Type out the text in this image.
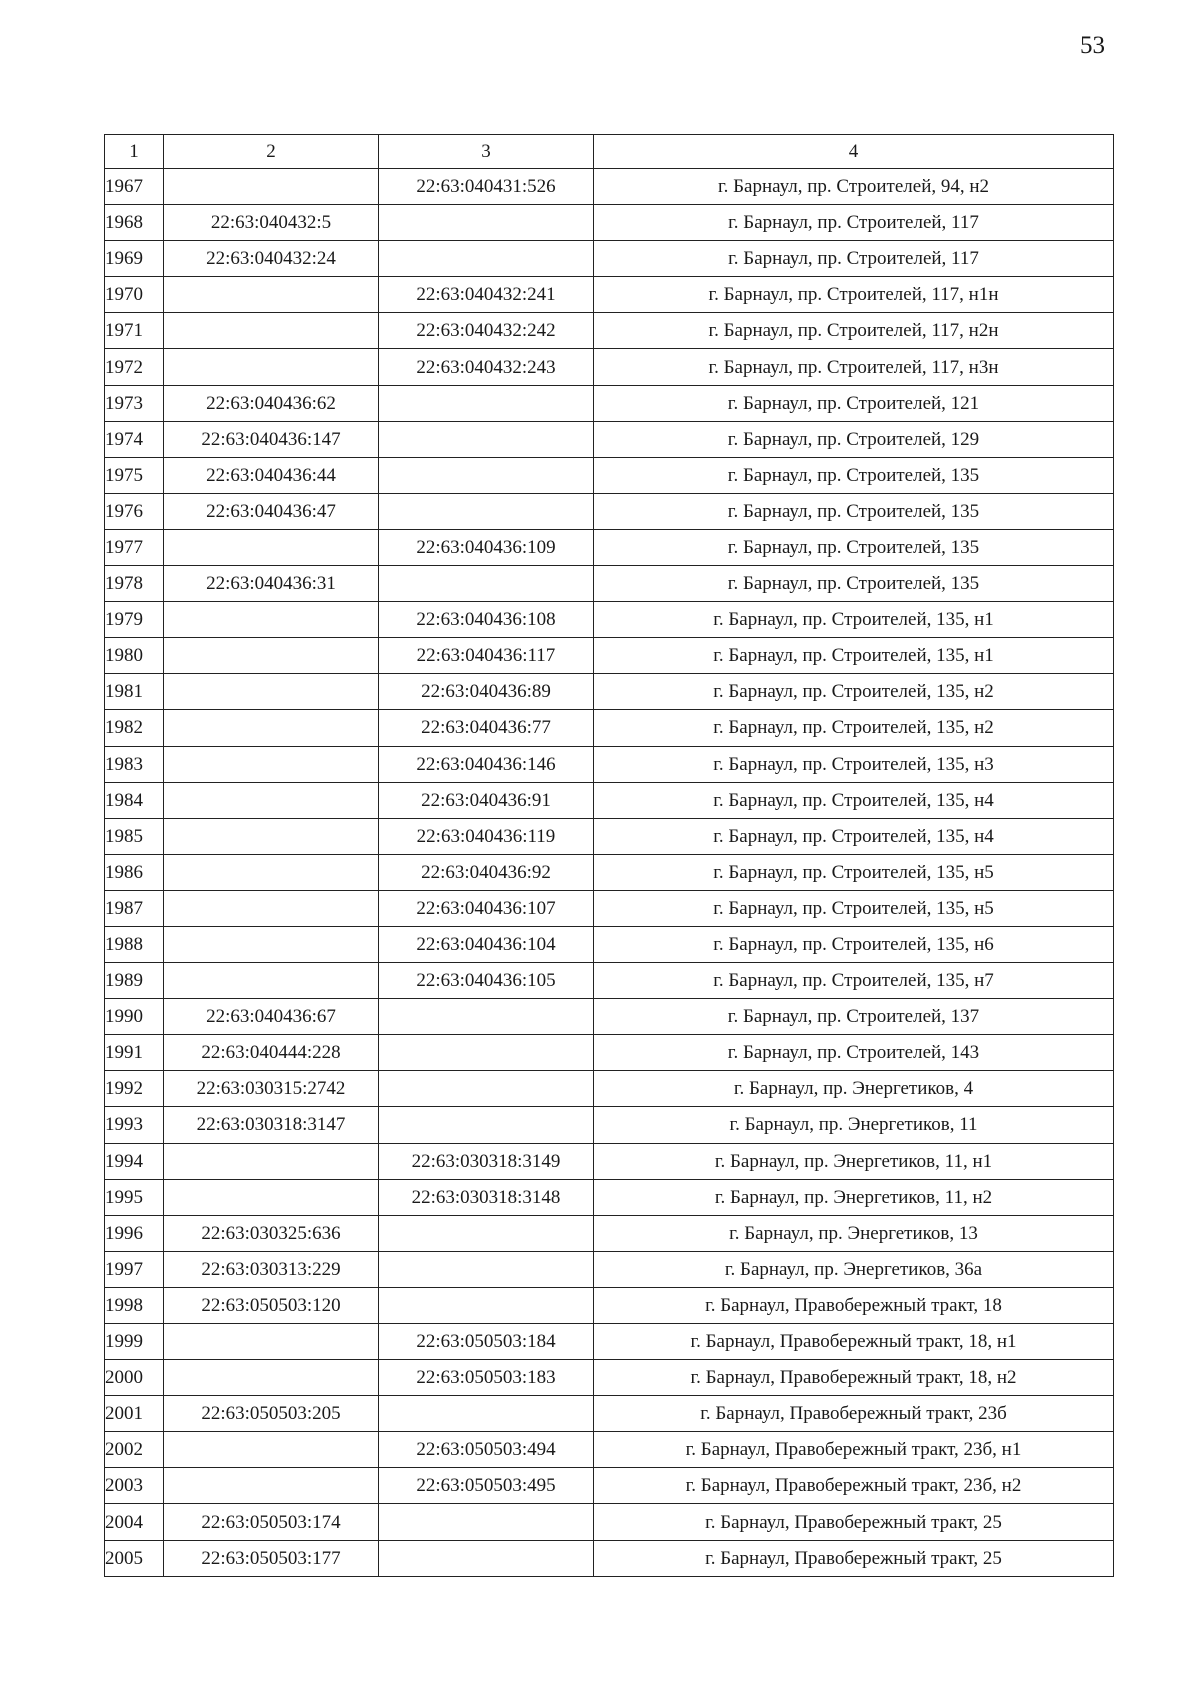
53
1	2	3	4
1967		22:63:040431:526	г. Барнаул, пр. Строителей, 94, н2
1968	22:63:040432:5		г. Барнаул, пр. Строителей, 117
1969	22:63:040432:24		г. Барнаул, пр. Строителей, 117
1970		22:63:040432:241	г. Барнаул, пр. Строителей, 117, н1н
1971		22:63:040432:242	г. Барнаул, пр. Строителей, 117, н2н
1972		22:63:040432:243	г. Барнаул, пр. Строителей, 117, н3н
1973	22:63:040436:62		г. Барнаул, пр. Строителей, 121
1974	22:63:040436:147		г. Барнаул, пр. Строителей, 129
1975	22:63:040436:44		г. Барнаул, пр. Строителей, 135
1976	22:63:040436:47		г. Барнаул, пр. Строителей, 135
1977		22:63:040436:109	г. Барнаул, пр. Строителей, 135
1978	22:63:040436:31		г. Барнаул, пр. Строителей, 135
1979		22:63:040436:108	г. Барнаул, пр. Строителей, 135, н1
1980		22:63:040436:117	г. Барнаул, пр. Строителей, 135, н1
1981		22:63:040436:89	г. Барнаул, пр. Строителей, 135, н2
1982		22:63:040436:77	г. Барнаул, пр. Строителей, 135, н2
1983		22:63:040436:146	г. Барнаул, пр. Строителей, 135, н3
1984		22:63:040436:91	г. Барнаул, пр. Строителей, 135, н4
1985		22:63:040436:119	г. Барнаул, пр. Строителей, 135, н4
1986		22:63:040436:92	г. Барнаул, пр. Строителей, 135, н5
1987		22:63:040436:107	г. Барнаул, пр. Строителей, 135, н5
1988		22:63:040436:104	г. Барнаул, пр. Строителей, 135, н6
1989		22:63:040436:105	г. Барнаул, пр. Строителей, 135, н7
1990	22:63:040436:67		г. Барнаул, пр. Строителей, 137
1991	22:63:040444:228		г. Барнаул, пр. Строителей, 143
1992	22:63:030315:2742		г. Барнаул, пр. Энергетиков, 4
1993	22:63:030318:3147		г. Барнаул, пр. Энергетиков, 11
1994		22:63:030318:3149	г. Барнаул, пр. Энергетиков, 11, н1
1995		22:63:030318:3148	г. Барнаул, пр. Энергетиков, 11, н2
1996	22:63:030325:636		г. Барнаул, пр. Энергетиков, 13
1997	22:63:030313:229		г. Барнаул, пр. Энергетиков, 36а
1998	22:63:050503:120		г. Барнаул, Правобережный тракт, 18
1999		22:63:050503:184	г. Барнаул, Правобережный тракт, 18, н1
2000		22:63:050503:183	г. Барнаул, Правобережный тракт, 18, н2
2001	22:63:050503:205		г. Барнаул, Правобережный тракт, 23б
2002		22:63:050503:494	г. Барнаул, Правобережный тракт, 23б, н1
2003		22:63:050503:495	г. Барнаул, Правобережный тракт, 23б, н2
2004	22:63:050503:174		г. Барнаул, Правобережный тракт, 25
2005	22:63:050503:177		г. Барнаул, Правобережный тракт, 25
